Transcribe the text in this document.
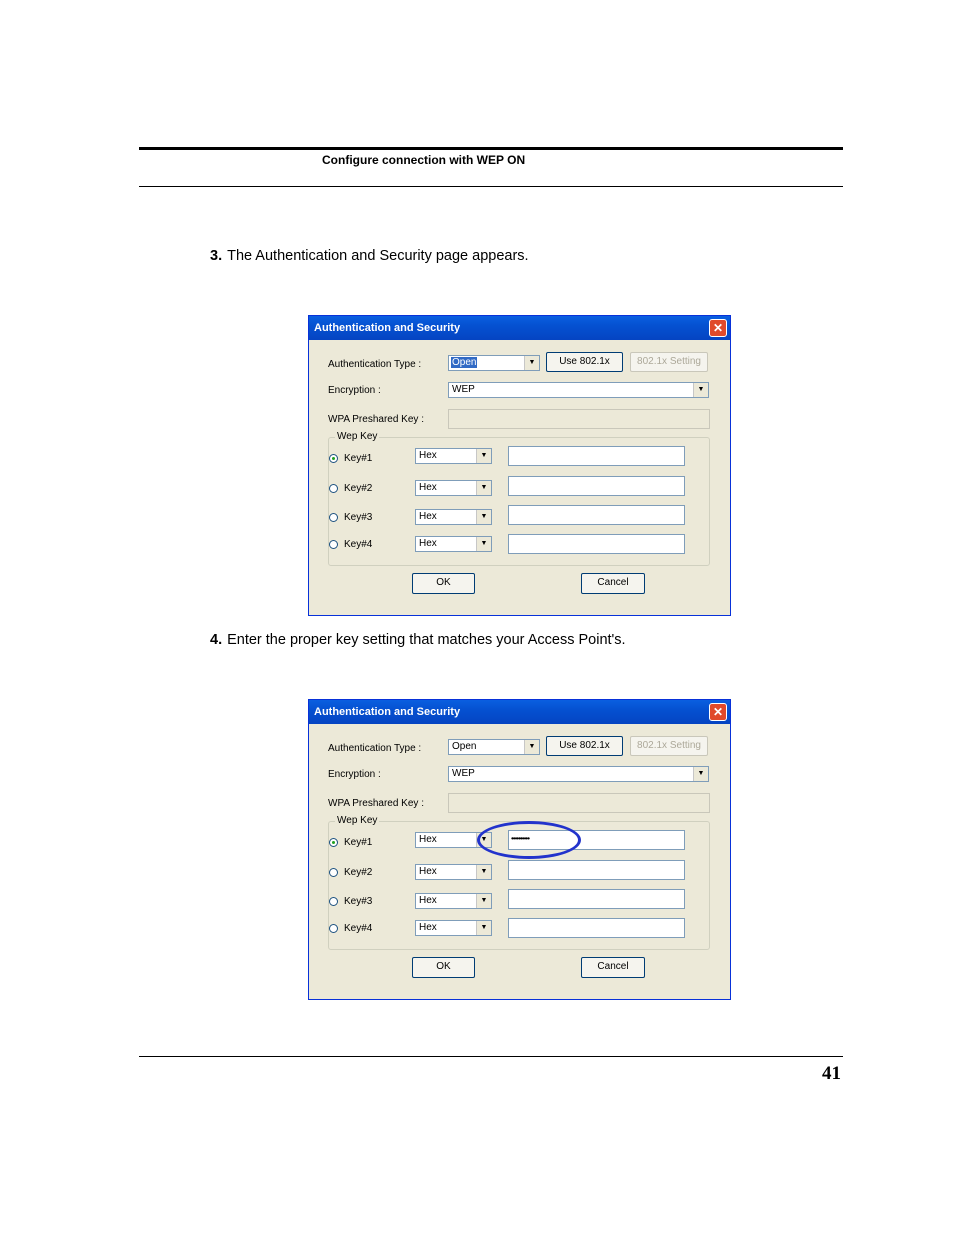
Configure connection with WEP ON
3. The Authentication and Security page appears.
Authentication and Security	✕
Authentication Type :	Open	▼	Use 802.1x	802.1x Setting
Encryption :	WEP	▼
WPA Preshared Key :
Wep Key
Key#1	Hex	▼
Key#2	Hex	▼
Key#3	Hex	▼
Key#4	Hex	▼
OK	Cancel
4. Enter the proper key setting that matches your Access Point's.
Authentication and Security	✕
Authentication Type :	Open	▼	Use 802.1x	802.1x Setting
Encryption :	WEP	▼
WPA Preshared Key :
Wep Key
Key#1	Hex	▼	••••••••••
Key#2	Hex	▼
Key#3	Hex	▼
Key#4	Hex	▼
OK	Cancel
41
